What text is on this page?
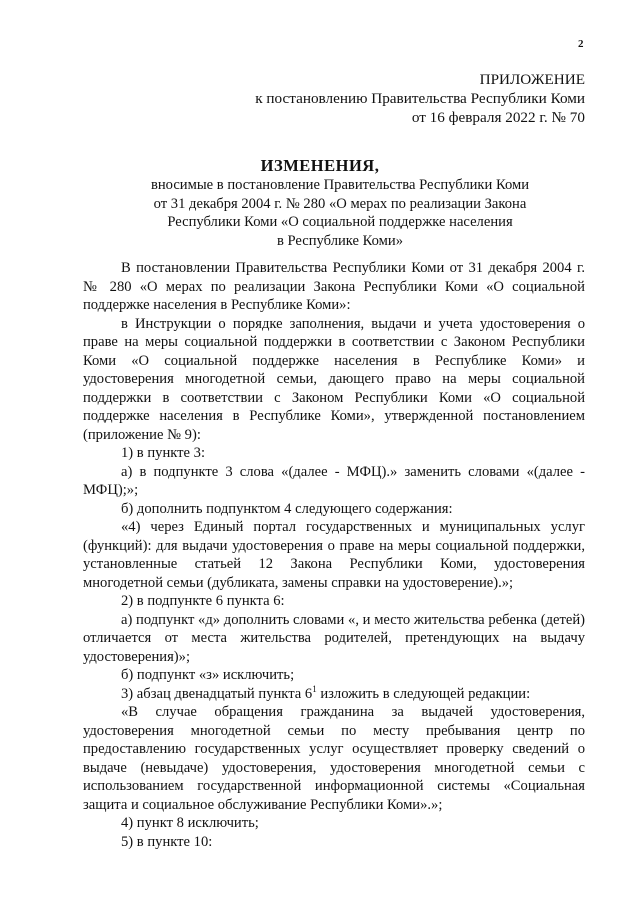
2
ПРИЛОЖЕНИЕ
к постановлению Правительства Республики Коми
от 16 февраля 2022 г. № 70
ИЗМЕНЕНИЯ,
вносимые в постановление Правительства Республики Коми
от 31 декабря 2004 г. № 280 «О мерах по реализации Закона
Республики Коми «О социальной поддержке населения
в Республике Коми»

В постановлении Правительства Республики Коми от 31 декабря 2004 г. № 280 «О мерах по реализации Закона Республики Коми «О социальной поддержке населения в Республике Коми»:

в Инструкции о порядке заполнения, выдачи и учета удостоверения о праве на меры социальной поддержки в соответствии с Законом Республики Коми «О социальной поддержке населения в Республике Коми» и удостоверения многодетной семьи, дающего право на меры социальной поддержки в соответствии с Законом Республики Коми «О социальной поддержке населения в Республике Коми», утвержденной постановлением (приложение № 9):

1) в пункте 3:

а) в подпункте 3 слова «(далее - МФЦ).» заменить словами «(далее - МФЦ);»;

б) дополнить подпунктом 4 следующего содержания:

«4) через Единый портал государственных и муниципальных услуг (функций): для выдачи удостоверения о праве на меры социальной поддержки, установленные статьей 12 Закона Республики Коми, удостоверения многодетной семьи (дубликата, замены справки на удостоверение).»;

2) в подпункте 6 пункта 6:

а) подпункт «д» дополнить словами «, и место жительства ребенка (детей) отличается от места жительства родителей, претендующих на выдачу удостоверения)»;

б) подпункт «з» исключить;

3) абзац двенадцатый пункта $6^1$ изложить в следующей редакции:

«В случае обращения гражданина за выдачей удостоверения, удостоверения многодетной семьи по месту пребывания центр по предоставлению государственных услуг осуществляет проверку сведений о выдаче (невыдаче) удостоверения, удостоверения многодетной семьи с использованием государственной информационной системы «Социальная защита и социальное обслуживание Республики Коми».»;

4) пункт 8 исключить;

5) в пункте 10:
